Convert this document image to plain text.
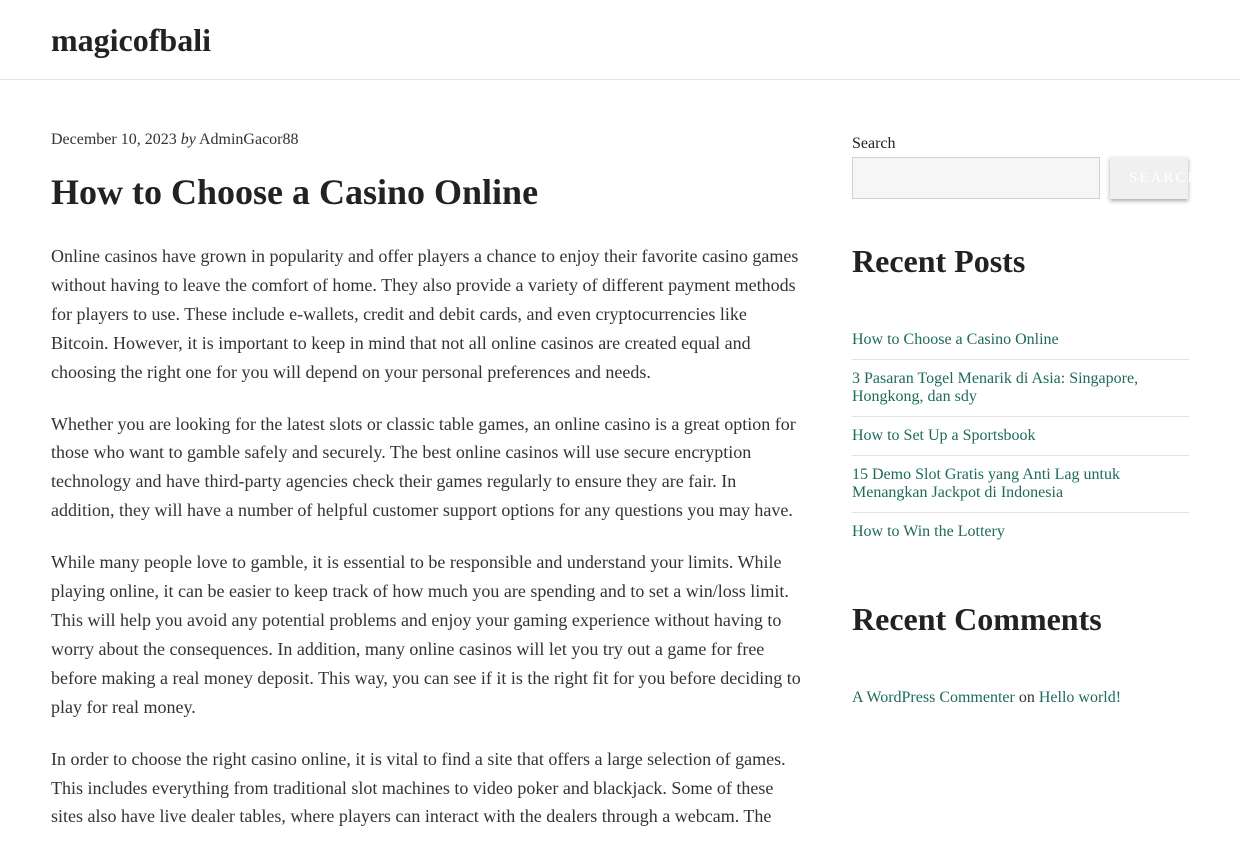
magicofbali

December 10, 2023 by AdminGacor88

How to Choose a Casino Online

Online casinos have grown in popularity and offer players a chance to enjoy their favorite casino games without having to leave the comfort of home. They also provide a variety of different payment methods for players to use. These include e-wallets, credit and debit cards, and even cryptocurrencies like Bitcoin. However, it is important to keep in mind that not all online casinos are created equal and choosing the right one for you will depend on your personal preferences and needs.

Whether you are looking for the latest slots or classic table games, an online casino is a great option for those who want to gamble safely and securely. The best online casinos will use secure encryption technology and have third-party agencies check their games regularly to ensure they are fair. In addition, they will have a number of helpful customer support options for any questions you may have.

While many people love to gamble, it is essential to be responsible and understand your limits. While playing online, it can be easier to keep track of how much you are spending and to set a win/loss limit. This will help you avoid any potential problems and enjoy your gaming experience without having to worry about the consequences. In addition, many online casinos will let you try out a game for free before making a real money deposit. This way, you can see if it is the right fit for you before deciding to play for real money.

In order to choose the right casino online, it is vital to find a site that offers a large selection of games. This includes everything from traditional slot machines to video poker and blackjack. Some of these sites also have live dealer tables, where players can interact with the dealers through a webcam. The

Search
SEARCH
Recent Posts
How to Choose a Casino Online
3 Pasaran Togel Menarik di Asia: Singapore, Hongkong, dan sdy
How to Set Up a Sportsbook
15 Demo Slot Gratis yang Anti Lag untuk Menangkan Jackpot di Indonesia
How to Win the Lottery
Recent Comments
A WordPress Commenter on Hello world!
